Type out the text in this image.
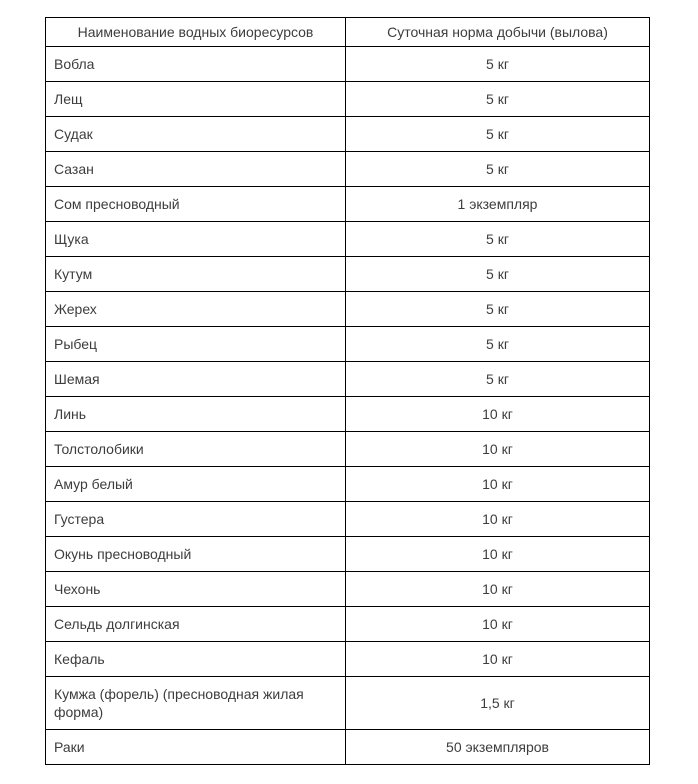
Наименование водных биоресурсов	Суточная норма добычи (вылова)
Вобла	5 кг
Лещ	5 кг
Судак	5 кг
Сазан	5 кг
Сом пресноводный	1 экземпляр
Щука	5 кг
Кутум	5 кг
Жерех	5 кг
Рыбец	5 кг
Шемая	5 кг
Линь	10 кг
Толстолобики	10 кг
Амур белый	10 кг
Густера	10 кг
Окунь пресноводный	10 кг
Чехонь	10 кг
Сельдь долгинская	10 кг
Кефаль	10 кг
Кумжа (форель) (пресноводная жилая форма)	1,5 кг
Раки	50 экземпляров
